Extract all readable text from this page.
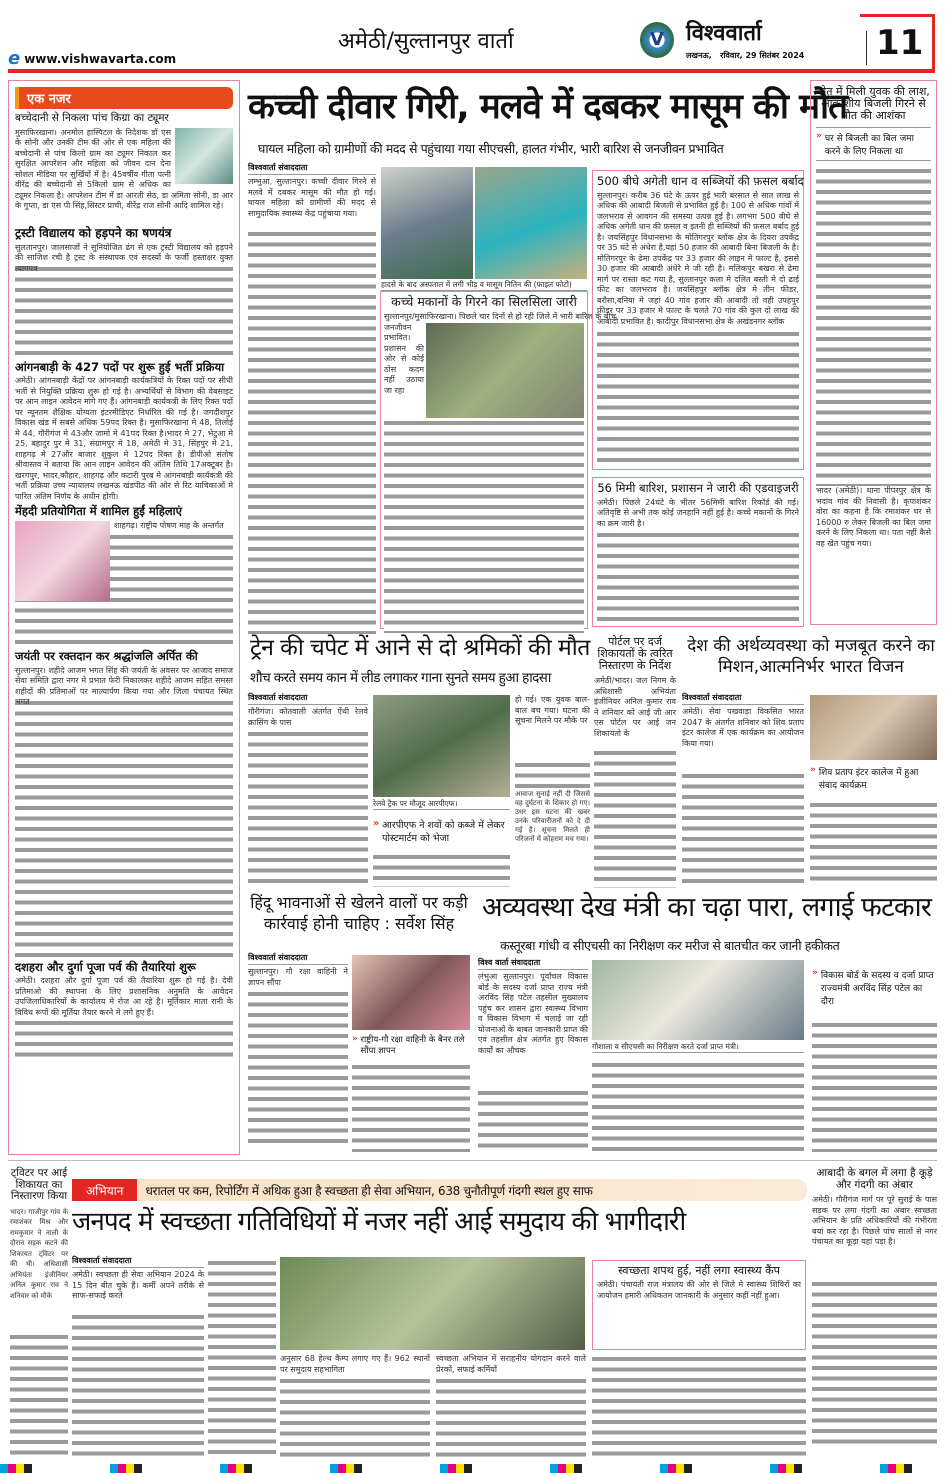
e www.vishwavarta.com
अमेठी/सुल्तानपुर वार्ता	V	विश्ववार्ता
लखनऊ,   रविवार, 29 सितंबर 2024 11
एक नजर
बच्चेदानी से निकला पांच किग्रा का ट्यूमर
मुसाफिरखाना। अनमोल हास्पिटल के निदेशक डॉ एस के सोनी और उनकी टीम की ओर से एक महिला की बच्चेदानी से पांच किलो ग्राम का ट्यूमर निकाल कर सुरक्षित आपरेशन और महिला को जीवन दान देना सोशल मीडिया पर सुर्खियों में है। 45वर्षीय गीता पत्नी वीरेंद्र की बच्चेदानी से 5किलो ग्राम से अधिक का ट्यूमर निकला है। आपरेशन टीम में डा आरती सेठ, डा अमिता सोनी, डा आर के गुप्ता, डा एस पी सिंह,सिस्टर प्राची, वीरेंद्र राज सोनी आदि शामिल रहे।
ट्रस्टी विद्यालय को हड़पने का षणयंत्र
सुलतानपुर। जालसाजों ने सुनियोजित ढंग से एक ट्रस्टी विद्यालय को हड़पने की साजिश रची है ट्रस्ट के संस्थापक एवं सदस्यों के फर्जी हस्ताक्षर युक्त त्यागपत्र
आंगनबाड़ी के 427 पदों पर शुरू हुई भर्ती प्रक्रिया
अमेठी। आंगनबाड़ी केंद्रों पर आंगनबाड़ी कार्यकत्रियों के रिक्त पदों पर सीधी भर्ती से नियुक्ति प्रक्रिया शुरू हो गई है। अभ्यर्थियों से विभाग की वेबसाइट पर आन लाइन आवेदन मांगे गए हैं। आंगनबाड़ी कार्यकत्री के लिए रिक्त पदों पर न्यूनतम शैक्षिक योग्यता इंटरमीडिएट निर्धारित की गई है। जगदीशपुर विकास खंड में सबसे अधिक 59पद रिक्त है। मुसाफिरखाना मे 48, तिलोई मे 44, गौरीगंज मे 43और जामो मे 41पद रिक्त है।भादर मे 27, भेटुआ मे 25, बहादुर पुर मे 31, संग्रामपुर मे 18, अमेठी मे 31, सिंहपुर मे 21, शाहगढ़ मे 27और बाजार शुकुल मे 12पद रिक्त है। डीपीओ संतोष श्रीवास्तव ने बताया कि आन लाइन आवेदन की अंतिम तिथि 17अक्टूबर है। खरगपुर, भादर,कौहार, शाहगढ़ और कटारी पुरब मे आंगनबाड़ी कार्यकत्री की भर्ती प्रक्रिया उच्च न्यायालय लखनऊ खंडपीठ की ओर से रिट याचिकाओं मे पारित अंतिम निर्णय के अधीन होगी।
मेंहदी प्रतियोगिता में शामिल हुईं महिलाएं
शाहगढ़। राष्ट्रीय पोषण माह के अन्तर्गत
जयंती पर रक्तदान कर श्रद्धांजलि अर्पित की
सुल्तानपुर। शहीदे आजम भगत सिंह की जयंती के अवसर पर आजाद समाज सेवा समिति द्वारा नगर मे प्रभात फेरी निकालकर शहीदे आजम सहित समस्त शहीदों की प्रतिमाओं पर माल्यार्पण किया गया और जिला पंचायत स्थित भगत
दशहरा और दुर्गा पूजा पर्व की तैयारियां शुरू
अमेठी। दशहरा और दुर्गा पूजा पर्व की तैयारिया शुरू हो गई है। देवी प्रतिमाओ की स्थापना के लिए प्रशासनिक अनुमति के आवेदन उपजिलाधिकारियों के कार्यालय मे रोज आ रहे है। मूर्तिकार माता रानी के विविध रूपों की मूर्तिया तैयार करने मे लगे हुए हैं।
कच्ची दीवार गिरी, मलवे में दबकर मासूम की मौत
घायल महिला को ग्रामीणों की मदद से पहुंचाया गया सीएचसी, हालत गंभीर, भारी बारिश से जनजीवन प्रभावित
विश्ववार्ता संवाददाता
लम्भुआ, सुल्तानपुर। कच्ची दीवार गिरने से मलवे में दबकर मासूम की मौत हो गई। घायल महिला को ग्रामीणों की मदद से सामुदायिक स्वास्थ्य केंद्र पहुंचाया गया।
हादसे के बाद अस्पताल में लगी भीड़ व मासूम नितिन की (फाइल फोटो)
कच्चे मकानों के गिरने का सिलसिला जारी
सुल्तानपुर/मुसाफिरखाना। पिछले चार दिनों से हो रही जिले में भारी बारिश के बीच
जनजीवन प्रभावित। प्रशासन की ओर से कोई ठोस कदम नहीं उठाया जा रहा
500 बीघे अगेती धान व सब्जियों की फ़सल बर्बाद
सुल्तानपुर। करीब 36 घंटे के ऊपर हुई भारी बरसात से सात लाख से अधिक की आबादी बिजली से प्रभावित हुई है। 100 से अधिक गांवों में जलभराव से आवगन की समस्या उत्पन्न हुई है। लगभग 500 बीघे से अधिक अगेती धान की फ़सल व इतनी ही सब्जियों की फ़सल बर्बाद हुई है। जयसिंहपुर विधानसभा के मोतिगरपुर ब्लॉक क्षेत्र के दियरा उपकेंद्र पर 35 घंटे से अंधेरा है,यहां 50 हजार की आबादी बिना बिजली के है। मोतिगरपुर के ढेमा उपकेंद्र पर 33 हजार की लाइन मे फाल्ट है, इससे 30 हजार की आबादी अंधेरे मे जी रही है। मलिकपुर बखरा से ढेमा मार्ग पर रास्ता कट गया है, सुल्तानपुर कला मे दलित बस्ती मे दो ढाई फीट का जलभराव है। जयसिंहपुर ब्लॉक क्षेत्र मे तीन फीडर, बरौसा,बनिया मे जहां 40 गांव हजार की आबादी तो वही उपहपुर फीडर पर 33 हजार मे फाल्ट के चलते 70 गांव की कुल दो लाख की आबादी प्रभावित है। कादीपुर विधानसभा क्षेत्र के अखंडनगर ब्लॉक
56 मिमी बारिश, प्रशासन ने जारी की एडवाइजरी
अमेठी। पिछले 24घंटे के भीतर 56मिमी बारिश रिकॉर्ड की गई। अतिवृष्टि से अभी तक कोई जनहानि नहीं हुई है। कच्चे मकानों के गिरने का क्रम जारी है।
खेत में मिली युवक की लाश, आकाशीय बिजली गिरने से मौत की आशंका
» घर से बिजली का बिल जमा करने के लिए निकला था
भादर (अमेठी)। थाना पीपरपुर क्षेत्र के भदांव गांव की निवासी है। कृपाशंकर वोरा का कहना है कि रमाशंकर घर से 16000 रु लेकर बिजली का बिल जमा करने के लिए निकला था। पता नहीं कैसे वह खेत पहुंच गया।
ट्रेन की चपेट में आने से दो श्रमिकों की मौत
शौच करते समय कान में लीड लगाकर गाना सुनते समय हुआ हादसा
विश्ववार्ता संवाददाता
गौरीगंज। कोतवाली अंतर्गत ऐंथी रेलवे क्रासिंग के पास
रेलवे ट्रैक पर मौजूद आरपीएफ।
» आरपीएफ ने शवों को कब्जे में लेकर पोस्टमार्टम को भेजा
हो गई। एक युवक बाल-बाल बच गया। घटना की सूचना मिलने पर मौके पर
आवाज सुनाई नहीं दी जिससे वह दुर्घटना के शिकार हो गए। उधर इस घटना की खबर उनके परिवारीजनों को दे दी गई है। सूचना मिलते ही परिजनों में कोहराम मच गया।
पोर्टल पर दर्ज शिकायतों के त्वरित निस्तारण के निर्देश
अमेठी/भादर। जल निगम के अधिशासी अभियंता इंजीनियर अनिल कुमार राव ने शनिवार को आई जी आर एस पोर्टल पर आई जन शिकायतो के
देश की अर्थव्यवस्था को मजबूत करने का मिशन,आत्मनिर्भर भारत विजन
विश्ववार्ता संवाददाता
अमेठी। सेवा पखवाड़ा विकसित भारत 2047 के अंतर्गत शनिवार को शिव प्रताप इंटर कालेज में एक कार्यक्रम का आयोजन किया गया।
» शिव प्रताप इंटर कालेज में हुआ संवाद कार्यक्रम
हिंदू भावनाओं से खेलने वालों पर कड़ी कार्रवाई होनी चाहिए : सर्वेश सिंह
विश्ववार्ता संवाददाता
सुल्तानपुर। गौ रक्षा वाहिनी ने ज्ञापन सौंपा
» राष्ट्रीय-गौ रक्षा वाहिनी के बैनर तले सौंपा ज्ञापन
अव्यवस्था देख मंत्री का चढ़ा पारा, लगाई फटकार
कस्तूरबा गांधी व सीएचसी का निरीक्षण कर मरीज से बातचीत कर जानी हकीकत
विश्व वार्ता संवाददाता
लंभुआ सुल्तानपुर। पूर्वांचल विकास बोर्ड के सदस्य दर्जा प्राप्त राज्य मंत्री अरविंद सिंह पटेल तहसील मुख्यालय पहुंच कर शासन द्वारा स्वास्थ्य विभाग व विकास विभाग में चलाई जा रही योजनाओं के बाबत जानकारी प्राप्त की एवं तहसील क्षेत्र अंतर्गत हुए विकास कार्यों का औचक	गौशाला व सीएचसी का निरीक्षण करते दर्जा प्राप्त मंत्री।
» विकास बोर्ड के सदस्य व दर्जा प्राप्त राज्यमंत्री अरविंद सिंह पटेल का दौरा
ट्विटर पर आई शिकायत का निस्तारण किया
भादर। गाजीपुर गांव के रमाशंकर मिश्र और रामकुमार ने नाली के दौरान सड़क कटने की शिकायत ट्विटर पर की थी। अधिशासी अभियंता इंजीनियर अनिल कुमार राव ने शनिवार को मौके
अभियान	धरातल पर कम, रिपोर्टिंग में अधिक हुआ है स्वच्छता ही सेवा अभियान, 638 चुनौतीपूर्ण गंदगी स्थल हुए साफ
जनपद में स्वच्छता गतिविधियों में नजर नहीं आई समुदाय की भागीदारी
विश्ववार्ता संवाददाता
अमेठी। स्वच्छता ही सेवा अभियान 2024 के 15 दिन बीत चुके हैं। कर्मी अपने तरीके से साफ-सफाई करते
अनुसार 68 हेल्थ कैम्प लगाए गए हैं। 962 स्थानों पर समुदाय सहभागिता
स्वच्छता अभियान में सराहनीय योगदान करने वाले प्रेरकों, सफाई कर्मियों
स्वच्छता शपथ हुई, नहीं लगा स्वास्थ्य कैंप
अमेठी। पंचायती राज मंत्रालय की ओर से जिले मे स्वास्थ्य शिविरों का आयोजन हमारी अधिकतम जानकारी के अनुसार कहीं नहीं हुआ।
आबादी के बगल में लगा है कूड़े और गंदगी का अंबार
अमेठी। गौरीगंज मार्ग पर पूरे सुराई के पास सड़क पर लगा गंदगी का अंबार स्वच्छता अभियान के प्रति अधिकारियों की गंभीरता बयां कर रहा है। पिछले पांच सालों से नगर पंचायत का कूड़ा यहां पड़ा है।
